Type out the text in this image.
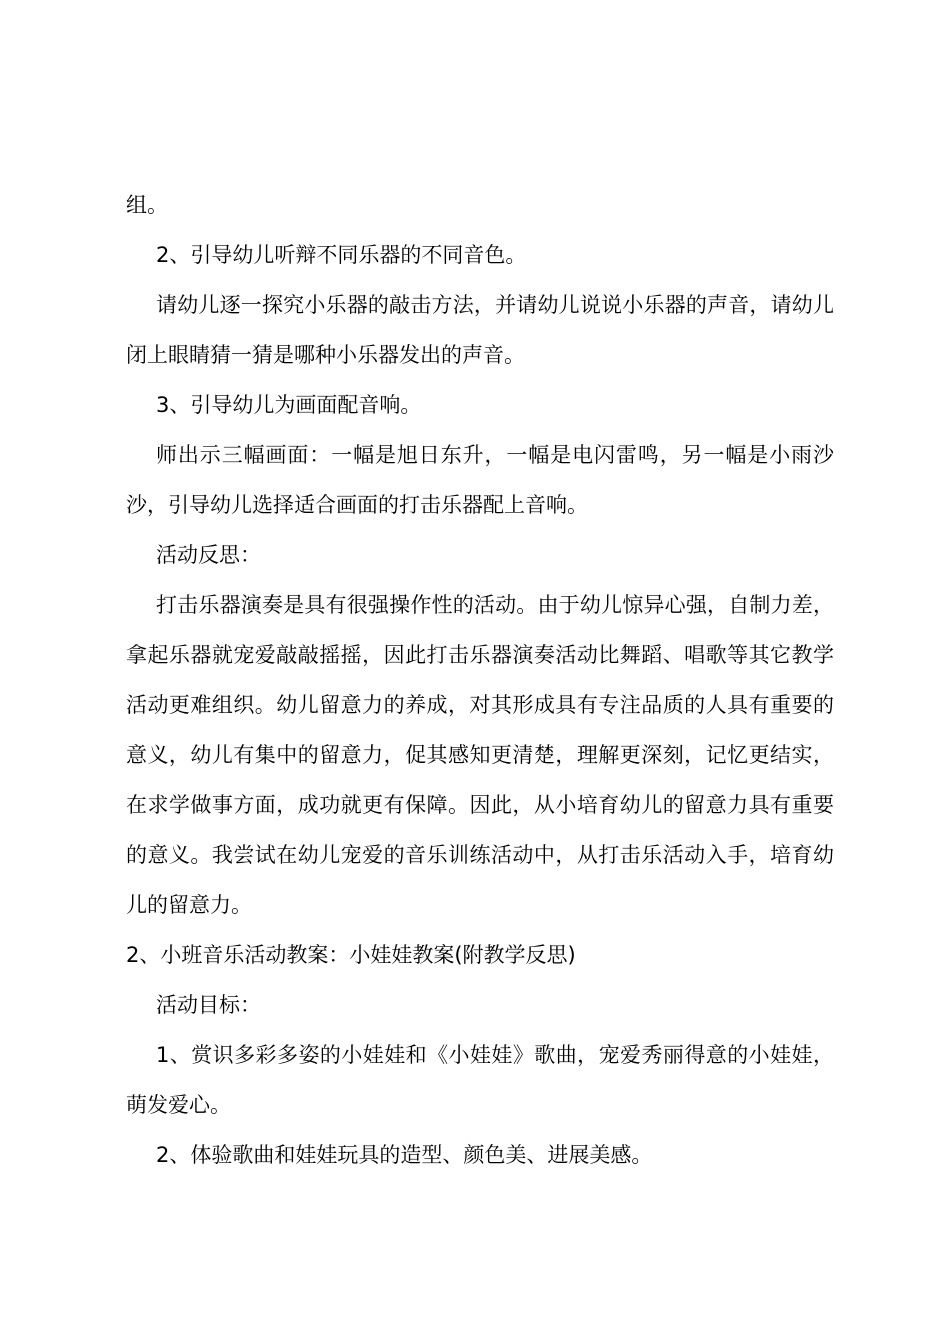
组。

2、引导幼儿听辩不同乐器的不同音色。

请幼儿逐一探究小乐器的敲击方法，并请幼儿说说小乐器的声音，请幼儿闭上眼睛猜一猜是哪种小乐器发出的声音。

3、引导幼儿为画面配音响。

师出示三幅画面：一幅是旭日东升，一幅是电闪雷鸣，另一幅是小雨沙沙，引导幼儿选择适合画面的打击乐器配上音响。

活动反思：

打击乐器演奏是具有很强操作性的活动。由于幼儿惊异心强，自制力差，拿起乐器就宠爱敲敲摇摇，因此打击乐器演奏活动比舞蹈、唱歌等其它教学活动更难组织。幼儿留意力的养成，对其形成具有专注品质的人具有重要的意义，幼儿有集中的留意力，促其感知更清楚，理解更深刻，记忆更结实，在求学做事方面，成功就更有保障。因此，从小培育幼儿的留意力具有重要的意义。我尝试在幼儿宠爱的音乐训练活动中，从打击乐活动入手，培育幼儿的留意力。

2、小班音乐活动教案：小娃娃教案(附教学反思)

活动目标：

1、赏识多彩多姿的小娃娃和《小娃娃》歌曲，宠爱秀丽得意的小娃娃，萌发爱心。

2、体验歌曲和娃娃玩具的造型、颜色美、进展美感。
